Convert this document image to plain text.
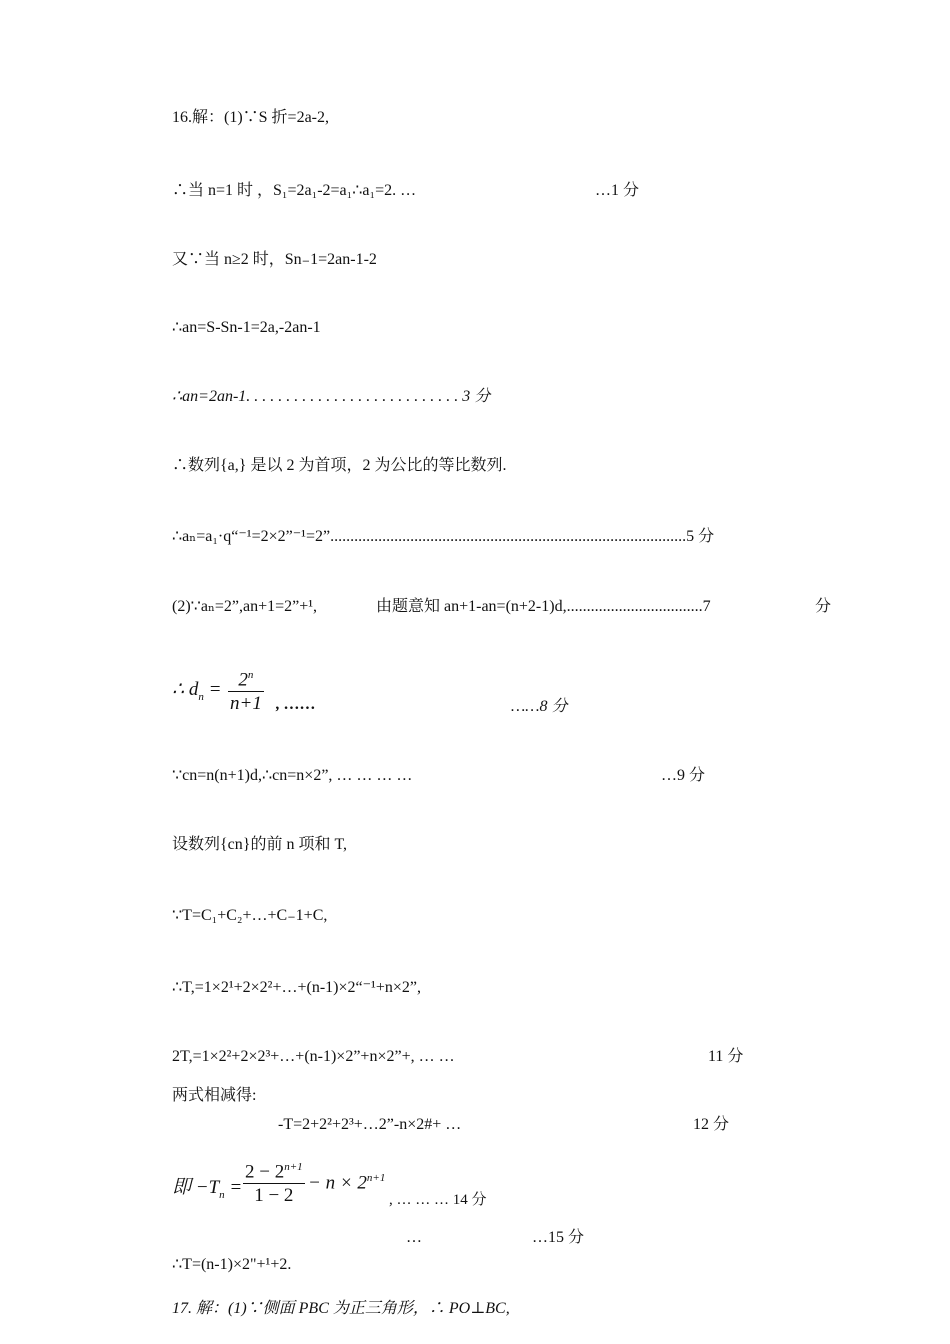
16.解：(1)∵S 折=2a-2,
∴当 n=1 时 ，S₁=2a₁-2=a₁∴a₁=2. …	…1 分
又∵当 n≥2 时，Sn₋1=2an-1-2
∴an=S-Sn-1=2a,-2an-1
∴an=2an-1. . . . . . . . . . . . . . . . . . . . . . . . . . . 3 分
∴数列{a,} 是以 2 为首项，2 为公比的等比数列.
∴aₙ=a₁·q“⁻¹=2×2”⁻¹=2”.........................................................................................5 分
(2)∵aₙ=2”,an+1=2”+¹,	由题意知 an+1-an=(n+2-1)d,..................................7	分
∴ $d_n = 2^n$
n+1 , ……	……8 分
∵cn=n(n+1)d,∴cn=n×2”, … … … …	…9 分
设数列{cn}的前 n 项和 T,
∵T=C₁+C₂+…+C₋1+C,
∴T,=1×2¹+2×2²+…+(n-1)×2“⁻¹+n×2”,
2T,=1×2²+2×2³+…+(n-1)×2”+n×2”+, … …	11 分
两式相减得:
-T=2+2²+2³+…2”-n×2#+ …	12 分
即 $-T_n$ =
$2 - 2^{n+1}$
1 − 2
− $n \times 2^{n+1}$
, … … … 14 分
…	…15 分
∴T=(n-1)×2"+¹+2.
17. 解：(1)∵侧面 PBC 为正三角形，∴ PO⊥BC,
